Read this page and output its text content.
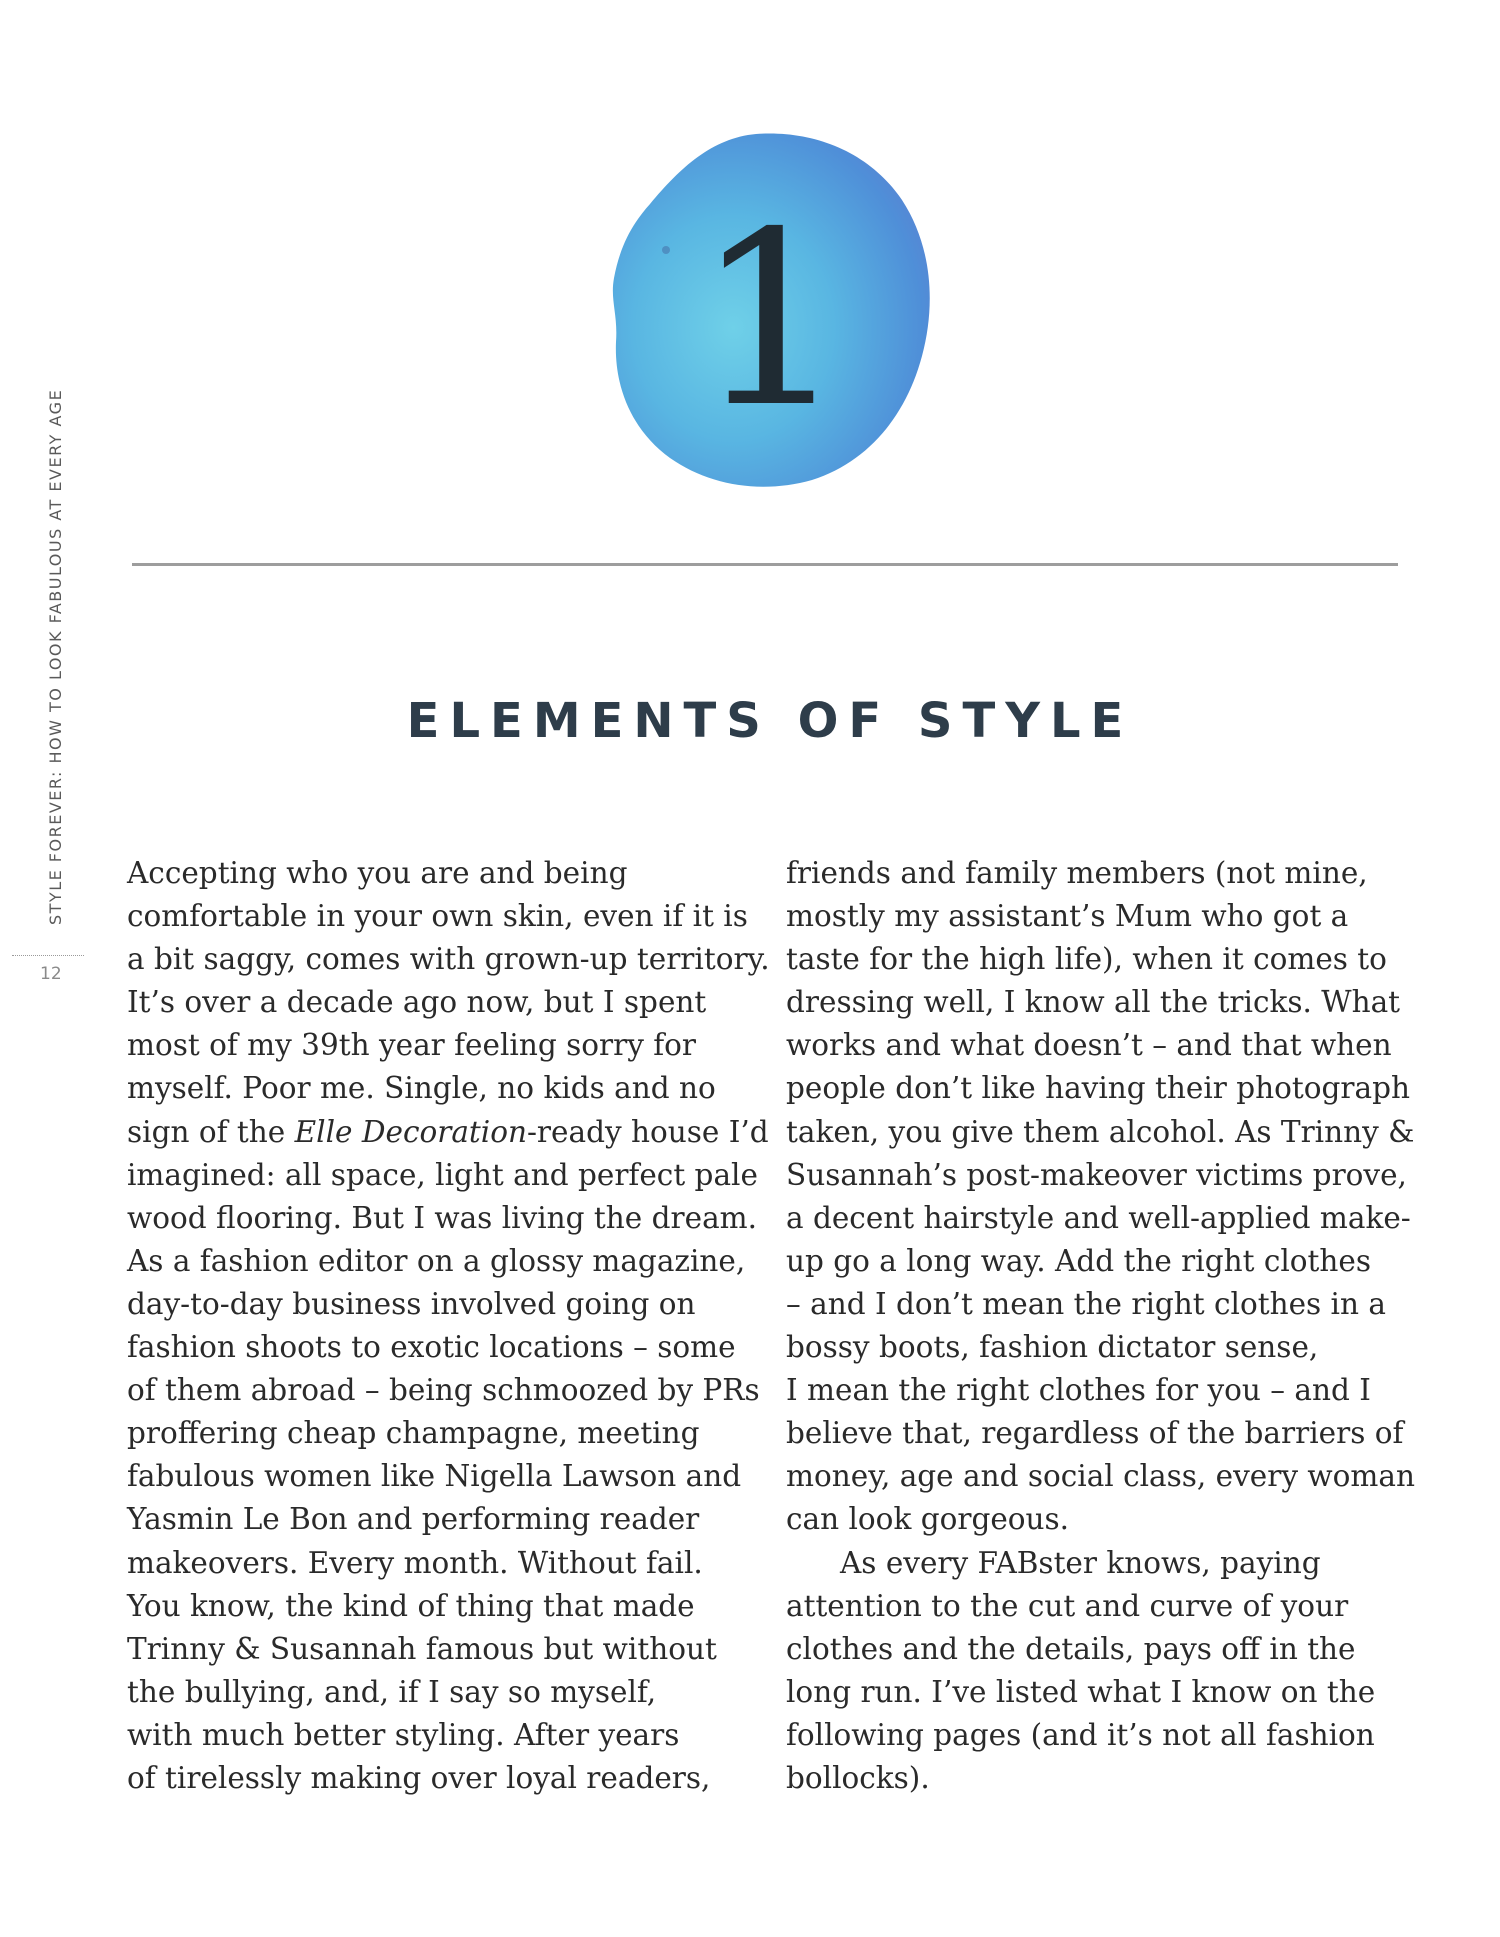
STYLE FOREVER: HOW TO LOOK FABULOUS AT EVERY AGE
12
1
ELEMENTS OF STYLE

Accepting who you are and being
comfortable in your own skin, even if it is
a bit saggy, comes with grown-up territory.
It’s over a decade ago now, but I spent
most of my 39th year feeling sorry for
myself. Poor me. Single, no kids and no
sign of the Elle Decoration-ready house I’d
imagined: all space, light and perfect pale
wood flooring. But I was living the dream.
As a fashion editor on a glossy magazine,
day-to-day business involved going on
fashion shoots to exotic locations – some
of them abroad – being schmoozed by PRs
proffering cheap champagne, meeting
fabulous women like Nigella Lawson and
Yasmin Le Bon and performing reader
makeovers. Every month. Without fail.
You know, the kind of thing that made
Trinny & Susannah famous but without
the bullying, and, if I say so myself,
with much better styling. After years
of tirelessly making over loyal readers,

friends and family members (not mine,
mostly my assistant’s Mum who got a
taste for the high life), when it comes to
dressing well, I know all the tricks. What
works and what doesn’t – and that when
people don’t like having their photograph
taken, you give them alcohol. As Trinny &
Susannah’s post-makeover victims prove,
a decent hairstyle and well-applied make-
up go a long way. Add the right clothes
– and I don’t mean the right clothes in a
bossy boots, fashion dictator sense,
I mean the right clothes for you – and I
believe that, regardless of the barriers of
money, age and social class, every woman
can look gorgeous.

As every FABster knows, paying
attention to the cut and curve of your
clothes and the details, pays off in the
long run. I’ve listed what I know on the
following pages (and it’s not all fashion
bollocks).
